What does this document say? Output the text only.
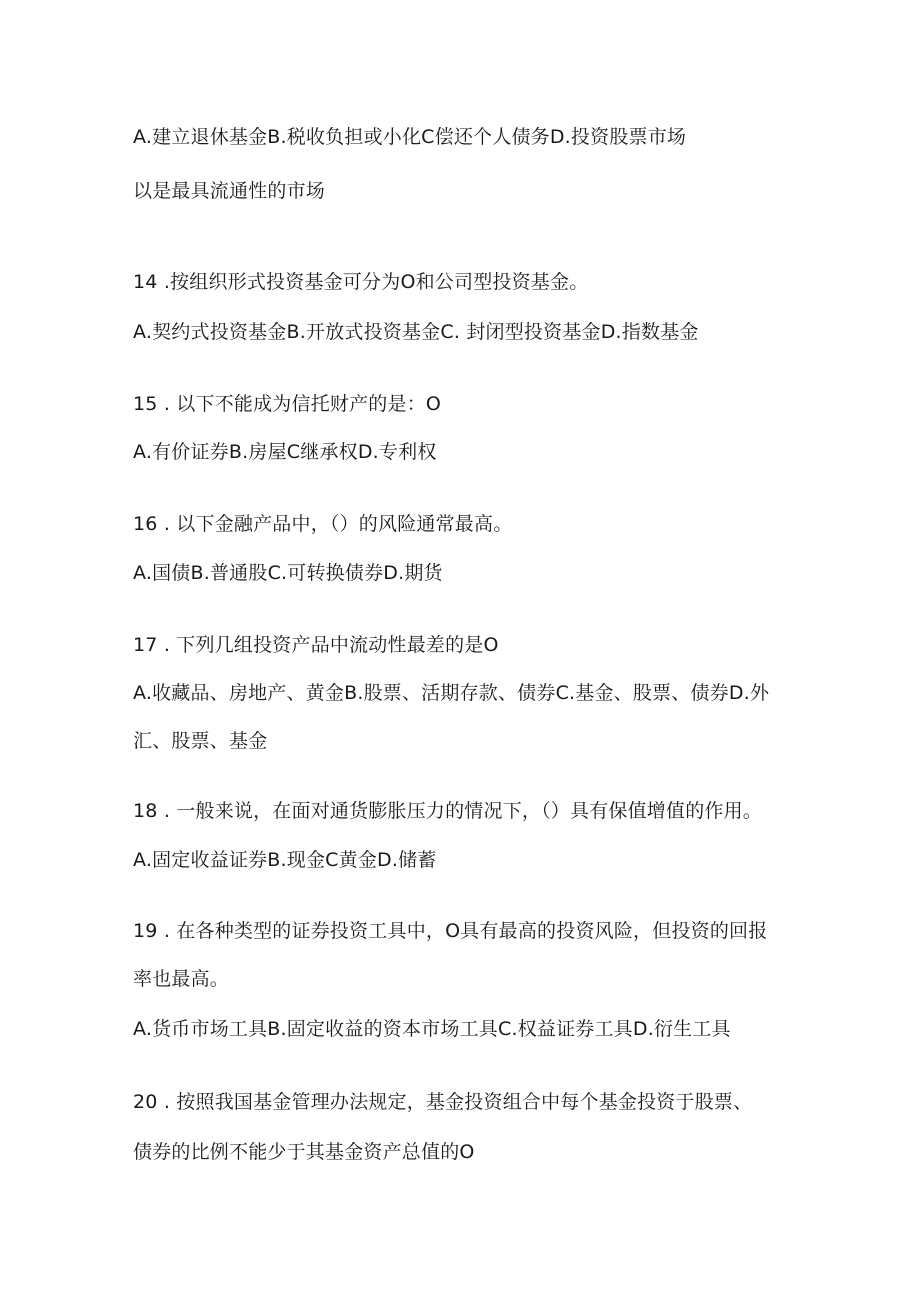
A.建立退休基金B.税收负担或小化C偿还个人债务D.投资股票市场
以是最具流通性的市场
14 .按组织形式投资基金可分为O和公司型投资基金。
A.契约式投资基金B.开放式投资基金C. 封闭型投资基金D.指数基金
15 . 以下不能成为信托财产的是：O
A.有价证券B.房屋C继承权D.专利权
16 . 以下金融产品中，（）的风险通常最高。
A.国债B.普通股C.可转换债券D.期货
17 . 下列几组投资产品中流动性最差的是O
A.收藏品、房地产、黄金B.股票、活期存款、债券C.基金、股票、债券D.外
汇、股票、基金
18 . 一般来说，在面对通货膨胀压力的情况下，（）具有保值增值的作用。
A.固定收益证券B.现金C黄金D.储蓄
19 . 在各种类型的证券投资工具中，O具有最高的投资风险，但投资的回报
率也最高。
A.货币市场工具B.固定收益的资本市场工具C.权益证券工具D.衍生工具
20 . 按照我国基金管理办法规定，基金投资组合中每个基金投资于股票、
债券的比例不能少于其基金资产总值的O
